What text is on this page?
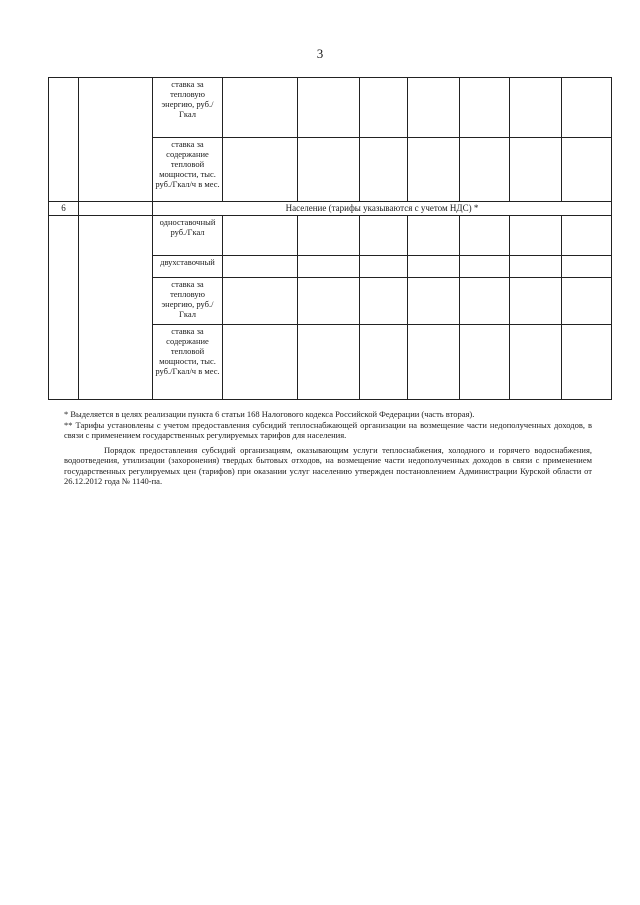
3
		ставка за тепловую энергию, руб./Гкал							
		ставка за содержание тепловой мощности, тыс. руб./Гкал/ч в мес.							
6		Население (тарифы указываются с учетом НДС) *							
		одноставочный руб./Гкал							
		двухставочный							
		ставка за тепловую энергию, руб./Гкал							
		ставка за содержание тепловой мощности, тыс. руб./Гкал/ч в мес.							

* Выделяется в целях реализации пункта 6 статьи 168 Налогового кодекса Российской Федерации (часть вторая).

** Тарифы установлены с учетом предоставления субсидий теплоснабжающей организации на возмещение части недополученных доходов, в связи с применением государственных регулируемых тарифов для населения.

Порядок предоставления субсидий организациям, оказывающим услуги теплоснабжения, холодного и горячего водоснабжения, водоотведения, утилизации (захоронения) твердых бытовых отходов, на возмещение части недополученных доходов в связи с применением государственных регулируемых цен (тарифов) при оказании услуг населению утвержден постановлением Администрации Курской области от 26.12.2012 года № 1140-па.
